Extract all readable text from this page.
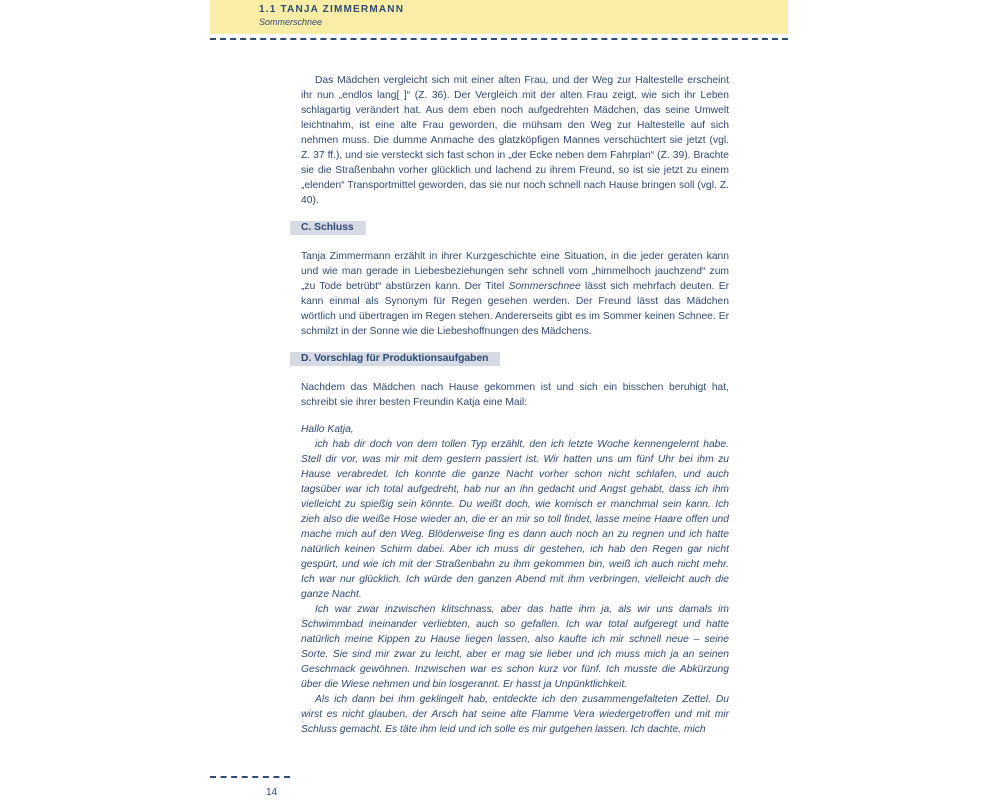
1.1 TANJA ZIMMERMANN
Sommerschnee

Das Mädchen vergleicht sich mit einer alten Frau, und der Weg zur Haltestelle erscheint ihr nun „endlos lang[ ]“ (Z. 36). Der Vergleich mit der alten Frau zeigt, wie sich ihr Leben schlagartig verändert hat. Aus dem eben noch aufgedrehten Mädchen, das seine Umwelt leichtnahm, ist eine alte Frau geworden, die mühsam den Weg zur Haltestelle auf sich nehmen muss. Die dumme Anmache des glatzköpfigen Mannes verschüchtert sie jetzt (vgl. Z. 37 ff.), und sie versteckt sich fast schon in „der Ecke neben dem Fahrplan“ (Z. 39). Brachte sie die Straßenbahn vorher glücklich und lachend zu ihrem Freund, so ist sie jetzt zu einem „elenden“ Transportmittel geworden, das sie nur noch schnell nach Hause bringen soll (vgl. Z. 40).

C. Schluss

Tanja Zimmermann erzählt in ihrer Kurzgeschichte eine Situation, in die jeder geraten kann und wie man gerade in Liebesbeziehungen sehr schnell vom „himmelhoch jauchzend“ zum „zu Tode betrübt“ abstürzen kann. Der Titel Sommerschnee lässt sich mehrfach deuten. Er kann einmal als Synonym für Regen gesehen werden. Der Freund lässt das Mädchen wörtlich und übertragen im Regen stehen. Andererseits gibt es im Sommer keinen Schnee. Er schmilzt in der Sonne wie die Liebeshoffnungen des Mädchens.

D. Vorschlag für Produktionsaufgaben

Nachdem das Mädchen nach Hause gekommen ist und sich ein bisschen beruhigt hat, schreibt sie ihrer besten Freundin Katja eine Mail:

Hallo Katja,

ich hab dir doch von dem tollen Typ erzählt, den ich letzte Woche kennengelernt habe. Stell dir vor, was mir mit dem gestern passiert ist. Wir hatten uns um fünf Uhr bei ihm zu Hause verabredet. Ich konnte die ganze Nacht vorher schon nicht schlafen, und auch tagsüber war ich total aufgedreht, hab nur an ihn gedacht und Angst gehabt, dass ich ihm vielleicht zu spießig sein könnte. Du weißt doch, wie komisch er manchmal sein kann. Ich zieh also die weiße Hose wieder an, die er an mir so toll findet, lasse meine Haare offen und mache mich auf den Weg. Blöderweise fing es dann auch noch an zu regnen und ich hatte natürlich keinen Schirm dabei. Aber ich muss dir gestehen, ich hab den Regen gar nicht gespürt, und wie ich mit der Straßenbahn zu ihm gekommen bin, weiß ich auch nicht mehr. Ich war nur glücklich. Ich würde den ganzen Abend mit ihm verbringen, vielleicht auch die ganze Nacht.

Ich war zwar inzwischen klitschnass, aber das hatte ihm ja, als wir uns damals im Schwimmbad ineinander verliebten, auch so gefallen. Ich war total aufgeregt und hatte natürlich meine Kippen zu Hause liegen lassen, also kaufte ich mir schnell neue – seine Sorte. Sie sind mir zwar zu leicht, aber er mag sie lieber und ich muss mich ja an seinen Geschmack gewöhnen. Inzwischen war es schon kurz vor fünf. Ich musste die Abkürzung über die Wiese nehmen und bin losgerannt. Er hasst ja Unpünktlichkeit.

Als ich dann bei ihm geklingelt hab, entdeckte ich den zusammengefalteten Zettel. Du wirst es nicht glauben, der Arsch hat seine alte Flamme Vera wiedergetroffen und mit mir Schluss gemacht. Es täte ihm leid und ich solle es mir gutgehen lassen. Ich dachte, mich

14
